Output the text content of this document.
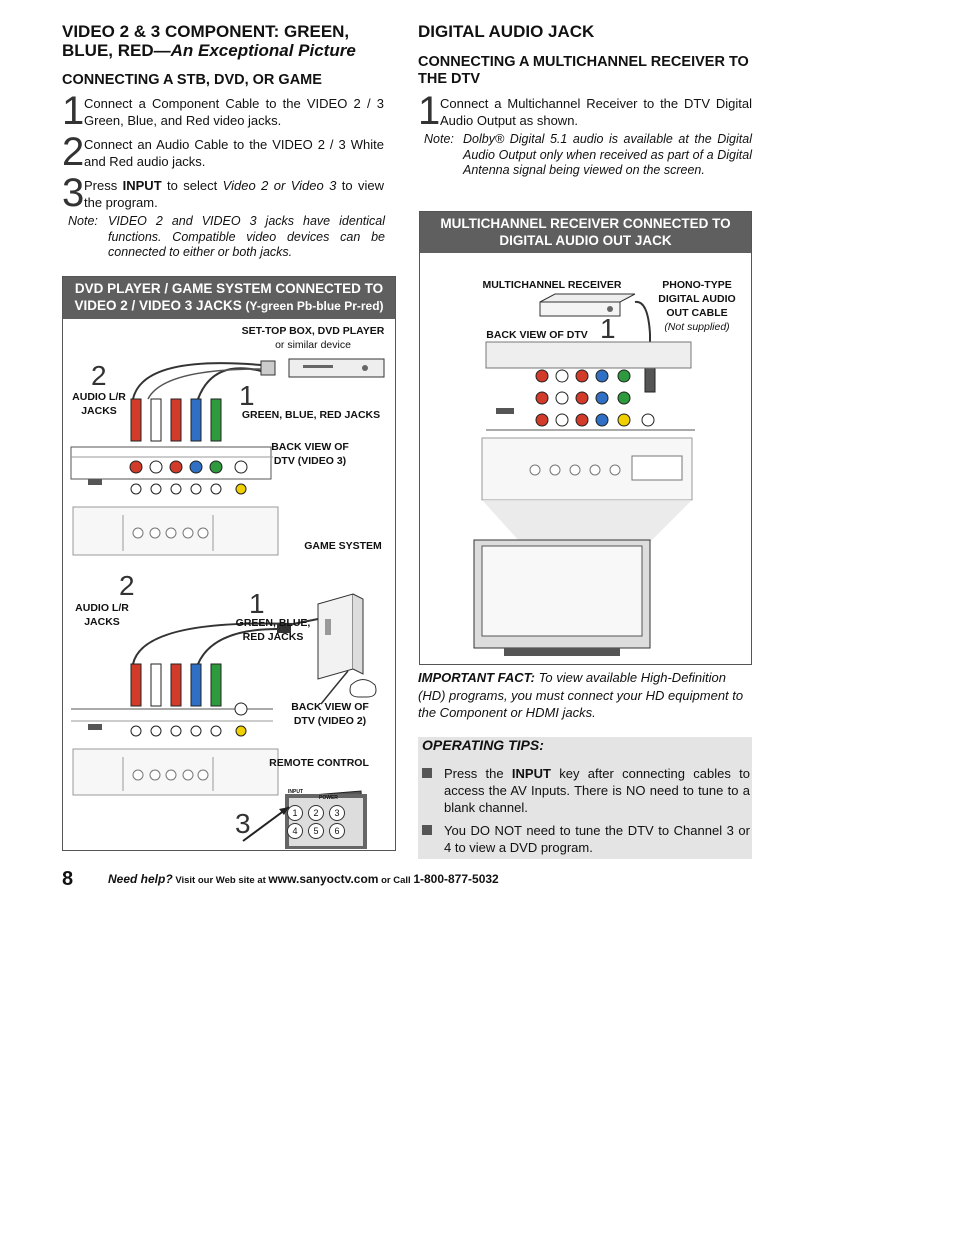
VIDEO 2 & 3 COMPONENT: GREEN,
BLUE, RED—An Exceptional Picture
CONNECTING A STB, DVD, OR GAME
1 Connect a Component Cable to the VIDEO 2 / 3 Green, Blue, and Red video jacks.
2 Connect an Audio Cable to the VIDEO 2 / 3 White and Red audio jacks.
3 Press INPUT to select Video 2 or Video 3 to view the program.
Note: VIDEO 2 and VIDEO 3 jacks have identical functions. Compatible video devices can be connected to either or both jacks.
DVD PLAYER / GAME SYSTEM CONNECTED TO
VIDEO 2 / VIDEO 3 JACKS (Y-green Pb-blue Pr-red)
SET-TOP BOX, DVD PLAYER
or similar device
2
1
AUDIO L/R JACKS	GREEN, BLUE, RED JACKS
BACK VIEW OF DTV (VIDEO 3)
GAME SYSTEM
2
1
AUDIO L/R JACKS	GREEN, BLUE, RED JACKS
BACK VIEW OF DTV (VIDEO 2)
REMOTE CONTROL
3
INPUT
POWER
1	2	3
4	5	6
DIGITAL AUDIO JACK
CONNECTING A MULTICHANNEL RECEIVER TO THE DTV
1 Connect a Multichannel Receiver to the DTV Digital Audio Output as shown.
Note: Dolby® Digital 5.1 audio is available at the Digital Audio Output only when received as part of a Digital Antenna signal being viewed on the screen.
MULTICHANNEL RECEIVER CONNECTED TO
DIGITAL AUDIO OUT JACK
MULTICHANNEL RECEIVER	PHONO-TYPE DIGITAL AUDIO OUT CABLE
(Not supplied)
BACK VIEW OF DTV 1
IMPORTANT FACT: To view available High-Definition (HD) programs, you must connect your HD equipment to the Component or HDMI jacks.
OPERATING TIPS:
Press the INPUT key after connecting cables to access the AV Inputs. There is NO need to tune to a blank channel.
You DO NOT need to tune the DTV to Channel 3 or 4 to view a DVD program.
8	Need help? Visit our Web site at www.sanyoctv.com or Call 1-800-877-5032
